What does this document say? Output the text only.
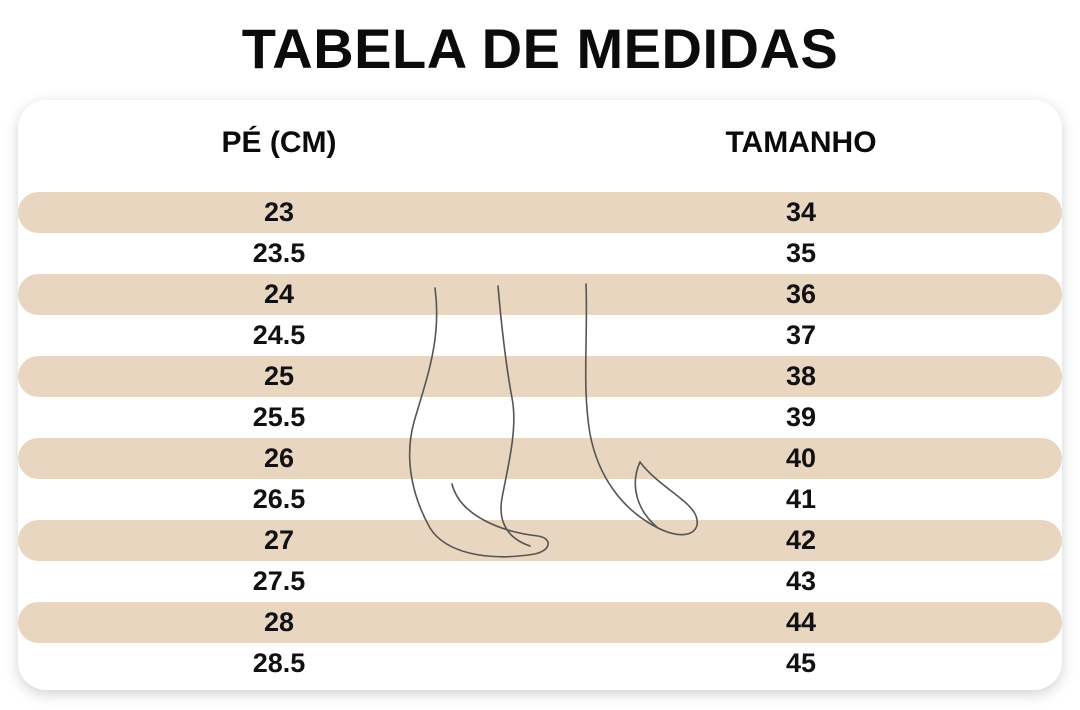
TABELA DE MEDIDAS
PÉ (CM)	TAMANHO
23	34
23.5	35
24	36
24.5	37
25	38
25.5	39
26	40
26.5	41
27	42
27.5	43
28	44
28.5	45
